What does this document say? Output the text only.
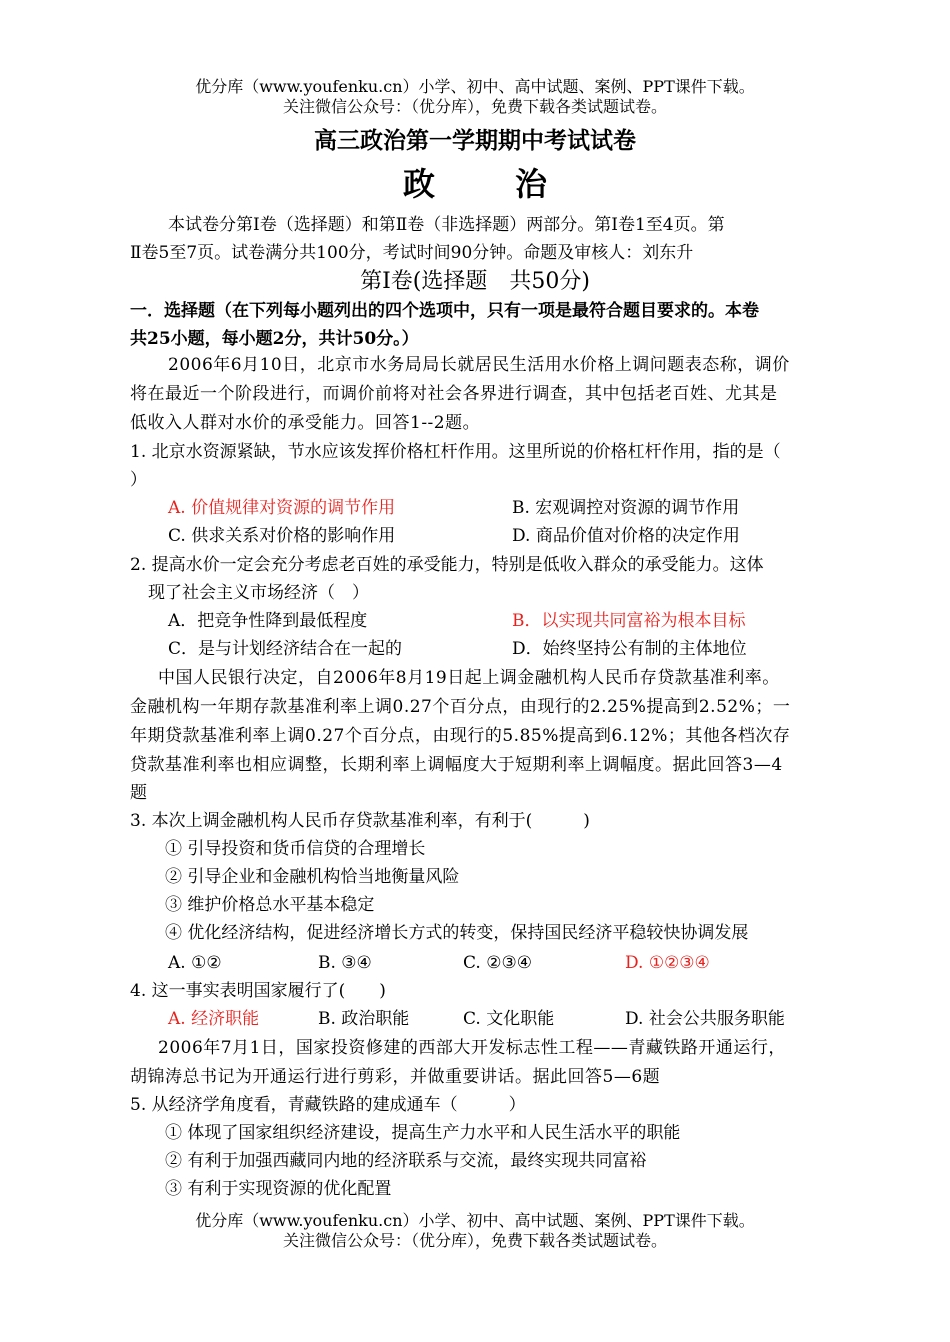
优分库（www.youfenku.cn）小学、初中、高中试题、案例、PPT课件下载。
关注微信公众号：（优分库），免费下载各类试题试卷。
高三政治第一学期期中考试试卷
政	治
本试卷分第Ⅰ卷（选择题）和第Ⅱ卷（非选择题）两部分。第Ⅰ卷1至4页。第
Ⅱ卷5至7页。试卷满分共100分，考试时间90分钟。命题及审核人：刘东升
第Ⅰ卷(选择题　共50分)
一．选择题（在下列每小题列出的四个选项中，只有一项是最符合题目要求的。本卷
共25小题，每小题2分，共计50分。）
2006年6月10日，北京市水务局局长就居民生活用水价格上调问题表态称，调价
将在最近一个阶段进行，而调价前将对社会各界进行调查，其中包括老百姓、尤其是
低收入人群对水价的承受能力。回答1--2题。
1. 北京水资源紧缺，节水应该发挥价格杠杆作用。这里所说的价格杠杆作用，指的是（
）
A. 价值规律对资源的调节作用	B. 宏观调控对资源的调节作用
C. 供求关系对价格的影响作用	D. 商品价值对价格的决定作用
2. 提高水价一定会充分考虑老百姓的承受能力，特别是低收入群众的承受能力。这体
现了社会主义市场经济（　）
A．把竞争性降到最低程度	B．以实现共同富裕为根本目标
C．是与计划经济结合在一起的	D．始终坚持公有制的主体地位
中国人民银行决定，自2006年8月19日起上调金融机构人民币存贷款基准利率。
金融机构一年期存款基准利率上调0.27个百分点，由现行的2.25%提高到2.52%；一
年期贷款基准利率上调0.27个百分点，由现行的5.85%提高到6.12%；其他各档次存
贷款基准利率也相应调整，长期利率上调幅度大于短期利率上调幅度。据此回答3—4
题
3. 本次上调金融机构人民币存贷款基准利率，有利于(　　　)
① 引导投资和货币信贷的合理增长
② 引导企业和金融机构恰当地衡量风险
③ 维护价格总水平基本稳定
④ 优化经济结构，促进经济增长方式的转变，保持国民经济平稳较快协调发展
A. ①②	B. ③④	C. ②③④	D. ①②③④
4. 这一事实表明国家履行了(　　)
A. 经济职能	B. 政治职能	C. 文化职能	D. 社会公共服务职能
2006年7月1日，国家投资修建的西部大开发标志性工程——青藏铁路开通运行，
胡锦涛总书记为开通运行进行剪彩，并做重要讲话。据此回答5—6题
5. 从经济学角度看，青藏铁路的建成通车（　　　）
① 体现了国家组织经济建设，提高生产力水平和人民生活水平的职能
② 有利于加强西藏同内地的经济联系与交流，最终实现共同富裕
③ 有利于实现资源的优化配置
优分库（www.youfenku.cn）小学、初中、高中试题、案例、PPT课件下载。
关注微信公众号：（优分库），免费下载各类试题试卷。
